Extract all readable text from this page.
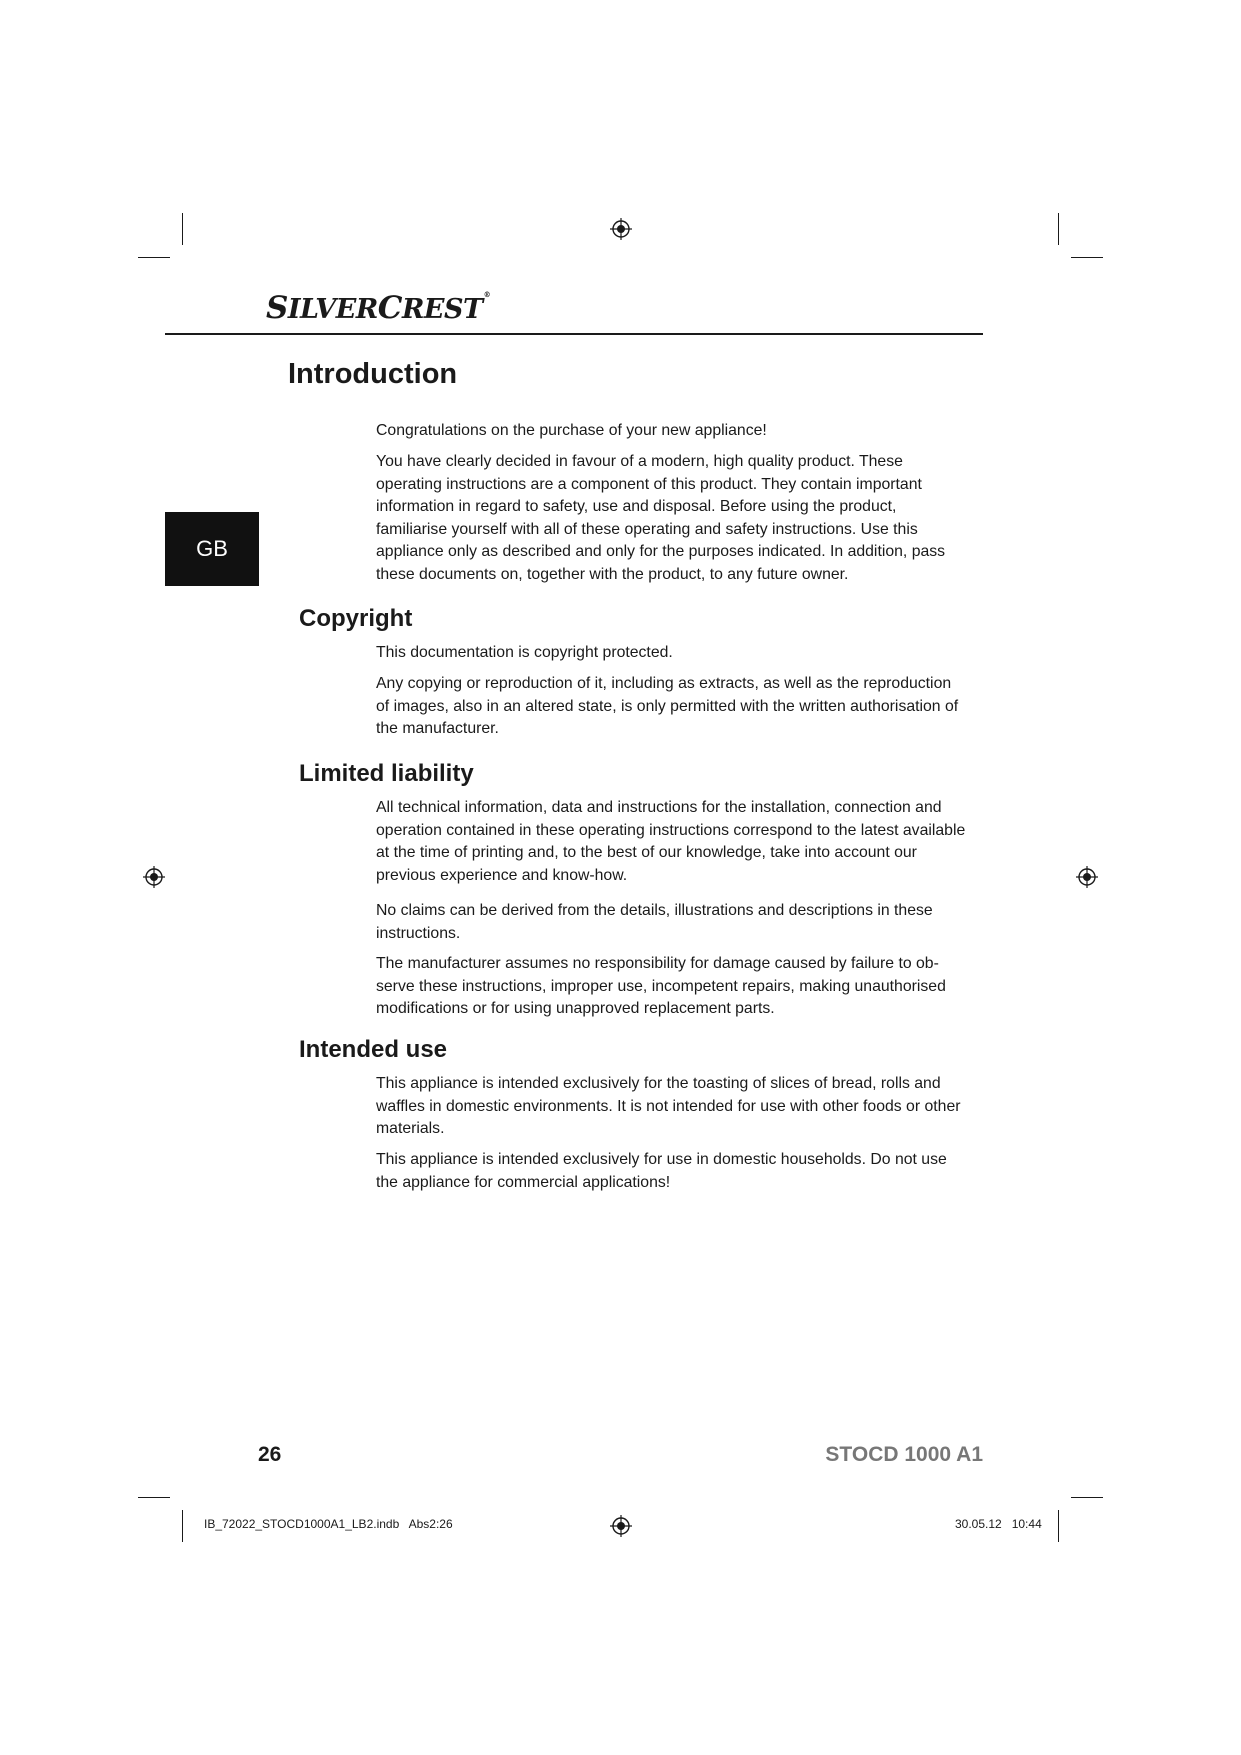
SILVERCREST®
GB
Introduction

Congratulations on the purchase of your new appliance!

You have clearly decided in favour of a modern, high quality product. These operating instructions are a component of this product. They contain important information in regard to safety, use and disposal. Before using the product, familiarise yourself with all of these operating and safety instructions. Use this appliance only as described and only for the purposes indicated. In addition, pass these documents on, together with the product, to any future owner.

Copyright

This documentation is copyright protected.

Any copying or reproduction of it, including as extracts, as well as the reproduction of images, also in an altered state, is only permitted with the written authorisation of the manufacturer.

Limited liability

All technical information, data and instructions for the installation, connection and operation contained in these operating instructions correspond to the latest available at the time of printing and, to the best of our knowledge, take into account our previous experience and know-how.

No claims can be derived from the details, illustrations and descriptions in these instructions.

The manufacturer assumes no responsibility for damage caused by failure to ob-serve these instructions, improper use, incompetent repairs, making unauthorised modifications or for using unapproved replacement parts.

Intended use

This appliance is intended exclusively for the toasting of slices of bread, rolls and waffles in domestic environments. It is not intended for use with other foods or other materials.

This appliance is intended exclusively for use in domestic households. Do not use the appliance for commercial applications!

26	STOCD 1000 A1
IB_72022_STOCD1000A1_LB2.indb   Abs2:26	30.05.12   10:44
